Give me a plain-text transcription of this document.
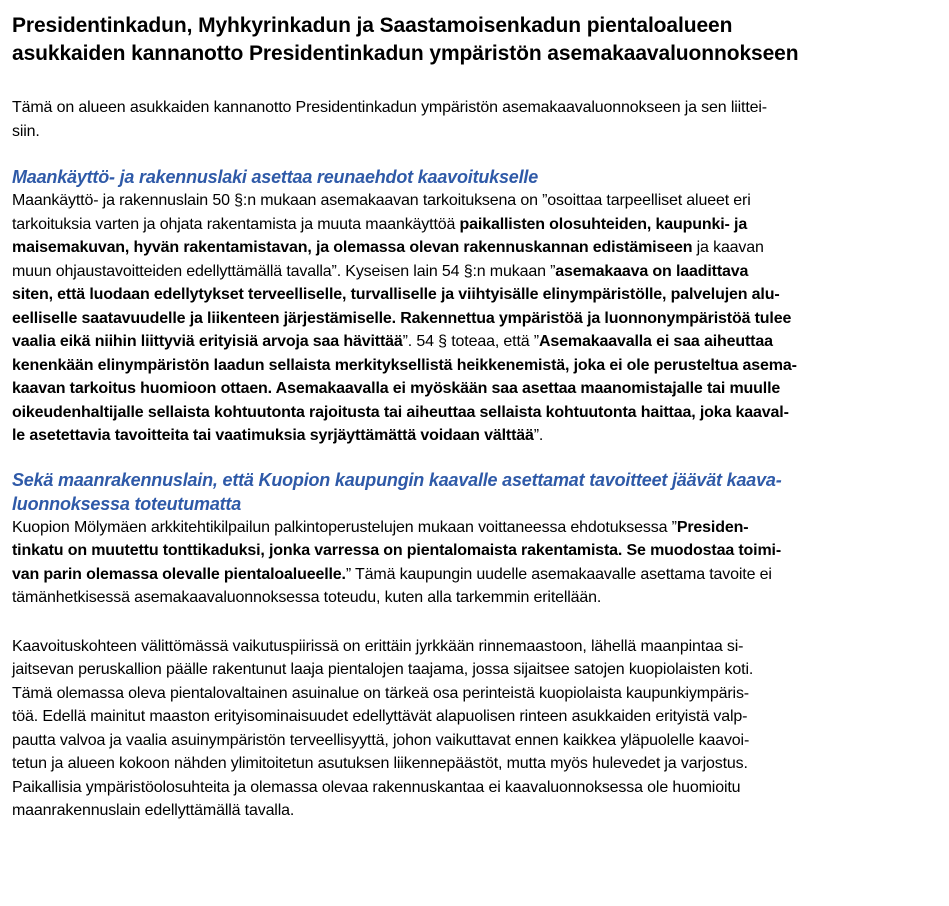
Presidentinkadun, Myhkyrinkadun ja Saastamoisenkadun pientaloalueen
asukkaiden kannanotto Presidentinkadun ympäristön asemakaavaluonnokseen
Tämä on alueen asukkaiden kannanotto Presidentinkadun ympäristön asemakaavaluonnokseen ja sen liittei-
siin.
Maankäyttö- ja rakennuslaki asettaa reunaehdot kaavoitukselle
Maankäyttö- ja rakennuslain 50 §:n mukaan asemakaavan tarkoituksena on ”osoittaa tarpeelliset alueet eri
tarkoituksia varten ja ohjata rakentamista ja muuta maankäyttöä paikallisten olosuhteiden, kaupunki- ja
maisemakuvan, hyvän rakentamistavan, ja olemassa olevan rakennuskannan edistämiseen ja kaavan
muun ohjaustavoitteiden edellyttämällä tavalla”. Kyseisen lain 54 §:n mukaan ”asemakaava on laadittava
siten, että luodaan edellytykset terveelliselle, turvalliselle ja viihtyisälle elinympäristölle, palvelujen alu-
eelliselle saatavuudelle ja liikenteen järjestämiselle. Rakennettua ympäristöä ja luonnonympäristöä tulee
vaalia eikä niihin liittyviä erityisiä arvoja saa hävittää”. 54 § toteaa, että ”Asemakaavalla ei saa aiheuttaa
kenenkään elinympäristön laadun sellaista merkityksellistä heikkenemistä, joka ei ole perusteltua asema-
kaavan tarkoitus huomioon ottaen. Asemakaavalla ei myöskään saa asettaa maanomistajalle tai muulle
oikeudenhaltijalle sellaista kohtuutonta rajoitusta tai aiheuttaa sellaista kohtuutonta haittaa, joka kaaval-
le asetettavia tavoitteita tai vaatimuksia syrjäyttämättä voidaan välttää”.
Sekä maanrakennuslain, että Kuopion kaupungin kaavalle asettamat tavoitteet jäävät kaava-
luonnoksessa toteutumatta
Kuopion Mölymäen arkkitehtikilpailun palkintoperustelujen mukaan voittaneessa ehdotuksessa ”Presiden-
tinkatu on muutettu tonttikaduksi, jonka varressa on pientalomaista rakentamista. Se muodostaa toimi-
van parin olemassa olevalle pientaloalueelle.” Tämä kaupungin uudelle asemakaavalle asettama tavoite ei
tämänhetkisessä asemakaavaluonnoksessa toteudu, kuten alla tarkemmin eritellään.
Kaavoituskohteen välittömässä vaikutuspiirissä on erittäin jyrkkään rinnemaastoon, lähellä maanpintaa si-
jaitsevan peruskallion päälle rakentunut laaja pientalojen taajama, jossa sijaitsee satojen kuopiolaisten koti.
Tämä olemassa oleva pientalovaltainen asuinalue on tärkeä osa perinteistä kuopiolaista kaupunkiympäris-
töä. Edellä mainitut maaston erityisominaisuudet edellyttävät alapuolisen rinteen asukkaiden erityistä valp-
pautta valvoa ja vaalia asuinympäristön terveellisyyttä, johon vaikuttavat ennen kaikkea yläpuolelle kaavoi-
tetun ja alueen kokoon nähden ylimitoitetun asutuksen liikennepäästöt, mutta myös hulevedet ja varjostus.
Paikallisia ympäristöolosuhteita ja olemassa olevaa rakennuskantaa ei kaavaluonnoksessa ole huomioitu
maanrakennuslain edellyttämällä tavalla.
